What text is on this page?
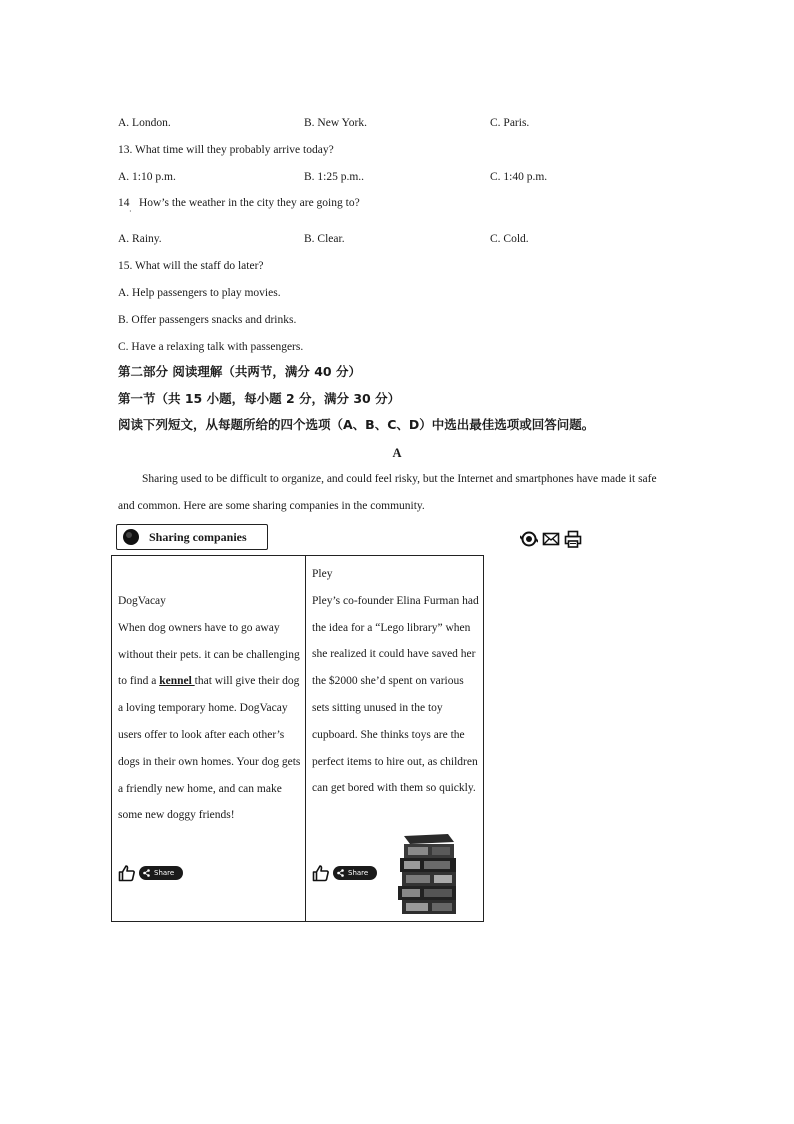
A. London.	B. New York.	C. Paris.
13. What time will they probably arrive today?
A. 1:10 p.m.	B. 1:25 p.m..	C. 1:40 p.m.
14
·
How’s the weather in the city they are going to?
A. Rainy.	B. Clear.	C. Cold.
15. What will the staff do later?
A. Help passengers to play movies.
B. Offer passengers snacks and drinks.
C. Have a relaxing talk with passengers.
第二部分 阅读理解（共两节，满分 40 分）
第一节（共 15 小题，每小题 2 分，满分 30 分）
阅读下列短文，从每题所给的四个选项（A、B、C、D）中选出最佳选项或回答问题。
A
Sharing used to be difficult to organize, and could feel risky, but the Internet and smartphones have made it safe and common. Here are some sharing companies in the community.
Sharing companies
DogVacay
When dog owners have to go away without their pets. it can be challenging to find a kennel that will give their dog a loving temporary home. DogVacay users offer to look after each other’s dogs in their own homes. Your dog gets a friendly new home, and can make some new doggy friends!
Pley
Pley’s co-founder Elina Furman had the idea for a “Lego library” when she realized it could have saved her the $2000 she’d spent on various sets sitting unused in the toy cupboard. She thinks toys are the perfect items to hire out, as children can get bored with them so quickly.
Share	Share
